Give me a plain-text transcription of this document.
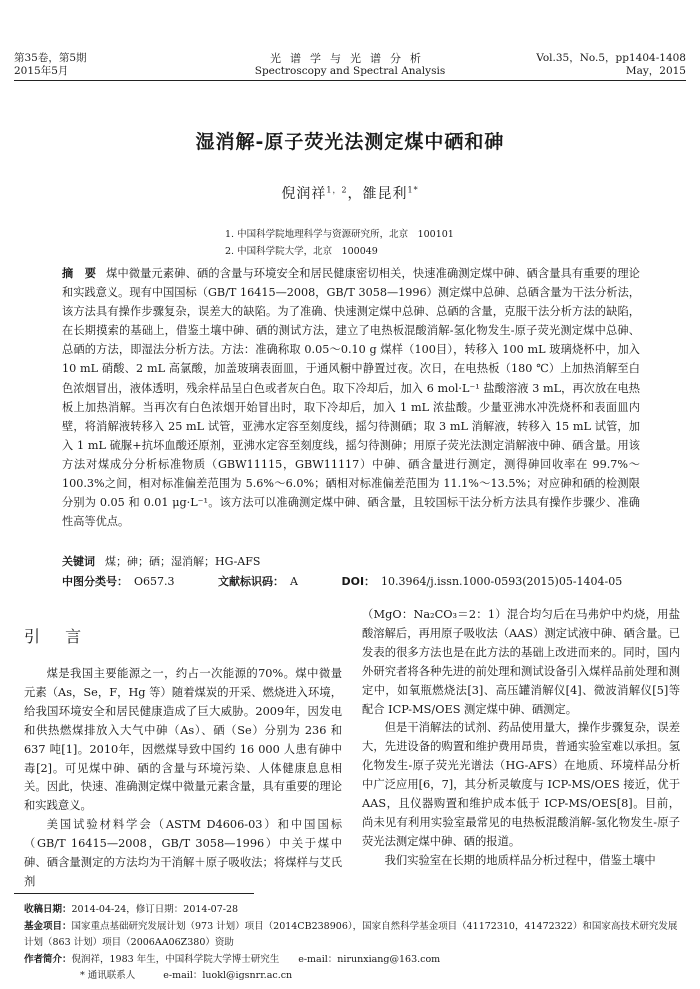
第35卷，第5期
2015年5月
光谱学与光谱分析
Spectroscopy and Spectral Analysis
Vol.35，No.5，pp1404-1408
May，2015
湿消解-原子荧光法测定煤中硒和砷
倪润祥$^{1,2}$，雒昆利$^{1*}$
1. 中国科学院地理科学与资源研究所，北京　100101
2. 中国科学院大学，北京　100049
摘　要 煤中微量元素砷、硒的含量与环境安全和居民健康密切相关，快速准确测定煤中砷、硒含量具有重要的理论和实践意义。现有中国国标（GB/T 16415—2008，GB/T 3058—1996）测定煤中总砷、总硒含量为干法分析法，该方法具有操作步骤复杂，误差大的缺陷。为了准确、快速测定煤中总砷、总硒的含量，克服干法分析方法的缺陷，在长期摸索的基础上，借鉴土壤中砷、硒的测试方法，建立了电热板混酸消解-氢化物发生-原子荧光测定煤中总砷、总硒的方法，即湿法分析方法。方法：准确称取 0.05～0.10 g 煤样（100目），转移入 100 mL 玻璃烧杯中，加入 10 mL 硝酸、2 mL 高氯酸，加盖玻璃表面皿，于通风橱中静置过夜。次日，在电热板（180 ℃）上加热消解至白色浓烟冒出，液体透明，残余样品呈白色或者灰白色。取下冷却后，加入 6 mol·L⁻¹ 盐酸溶液 3 mL，再次放在电热板上加热消解。当再次有白色浓烟开始冒出时，取下冷却后，加入 1 mL 浓盐酸。少量亚沸水冲洗烧杯和表面皿内壁，将消解液转移入 25 mL 试管，亚沸水定容至刻度线，摇匀待测硒；取 3 mL 消解液，转移入 15 mL 试管，加入 1 mL 硫脲+抗坏血酸还原剂，亚沸水定容至刻度线，摇匀待测砷；用原子荧光法测定消解液中砷、硒含量。用该方法对煤成分分析标准物质（GBW11115，GBW11117）中砷、硒含量进行测定，测得砷回收率在 99.7%～100.3%之间，相对标准偏差范围为 5.6%～6.0%；硒相对标准偏差范围为 11.1%～13.5%；对应砷和硒的检测限分别为 0.05 和 0.01 μg·L⁻¹。该方法可以准确测定煤中砷、硒含量，且较国标干法分析方法具有操作步骤少、准确性高等优点。
关键词 煤；砷；硒；湿消解；HG-AFS
中图分类号： O657.3	文献标识码： A	DOI： 10.3964/j.issn.1000-0593(2015)05-1404-05
引 言

煤是我国主要能源之一，约占一次能源的70%。煤中微量元素（As，Se，F，Hg 等）随着煤炭的开采、燃烧进入环境，给我国环境安全和居民健康造成了巨大威胁。2009年，因发电和供热燃煤排放入大气中砷（As）、硒（Se）分别为 236 和 637 吨[1]。2010年，因燃煤导致中国约 16 000 人患有砷中毒[2]。可见煤中砷、硒的含量与环境污染、人体健康息息相关。因此，快速、准确测定煤中微量元素含量，具有重要的理论和实践意义。

美国试验材料学会（ASTM D4606-03）和中国国标（GB/T 16415—2008，GB/T 3058—1996）中关于煤中砷、硒含量测定的方法均为干消解＋原子吸收法；将煤样与艾氏剂

（MgO：Na₂CO₃＝2：1）混合均匀后在马弗炉中灼烧，用盐酸溶解后，再用原子吸收法（AAS）测定试液中砷、硒含量。已发表的很多方法也是在此方法的基础上改进而来的。同时，国内外研究者将各种先进的前处理和测试设备引入煤样品前处理和测定中，如氧瓶燃烧法[3]、高压罐消解仪[4]、微波消解仪[5]等配合 ICP-MS/OES 测定煤中砷、硒测定。

但是干消解法的试剂、药品使用量大，操作步骤复杂，误差大，先进设备的购置和维护费用昂贵，普通实验室难以承担。氢化物发生-原子荧光光谱法（HG-AFS）在地质、环境样品分析中广泛应用[6，7]，其分析灵敏度与 ICP-MS/OES 接近，优于 AAS，且仪器购置和维护成本低于 ICP-MS/OES[8]。目前，尚未见有利用实验室最常见的电热板混酸消解-氢化物发生-原子荧光法测定煤中砷、硒的报道。

我们实验室在长期的地质样品分析过程中，借鉴土壤中

收稿日期：2014-04-24，修订日期：2014-07-28
基金项目：国家重点基础研究发展计划（973 计划）项目（2014CB238906），国家自然科学基金项目（41172310，41472322）和国家高技术研究发展计划（863 计划）项目（2006AA06Z380）资助
作者简介：倪润祥，1983 年生，中国科学院大学博士研究生　　e-mail：nirunxiang@163.com
* 通讯联系人	e-mail：luokl@igsnrr.ac.cn
